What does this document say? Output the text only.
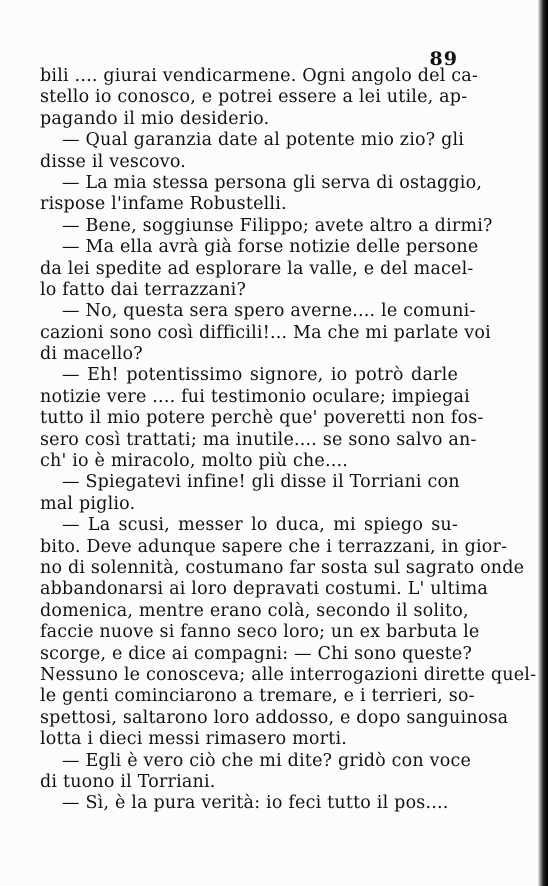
89
bili .... giurai vendicarmene. Ogni angolo del ca-
stello io conosco, e potrei essere a lei utile, ap-
pagando il mio desiderio.
— Qual garanzia date al potente mio zio? gli
disse il vescovo.
— La mia stessa persona gli serva di ostaggio,
rispose l'infame Robustelli.
— Bene, soggiunse Filippo; avete altro a dirmi?
— Ma ella avrà già forse notizie delle persone
da lei spedite ad esplorare la valle, e del macel-
lo fatto dai terrazzani?
— No, questa sera spero averne.... le comuni-
cazioni sono così difficili!... Ma che mi parlate voi
di macello?
— Eh! potentissimo signore, io potrò darle
notizie vere .... fui testimonio oculare; impiegai
tutto il mio potere perchè que' poveretti non fos-
sero così trattati; ma inutile.... se sono salvo an-
ch' io è miracolo, molto più che....
— Spiegatevi infine! gli disse il Torriani con
mal piglio.
— La scusi, messer lo duca, mi spiego su-
bito. Deve adunque sapere che i terrazzani, in gior-
no di solennità, costumano far sosta sul sagrato onde
abbandonarsi ai loro depravati costumi. L' ultima
domenica, mentre erano colà, secondo il solito,
faccie nuove si fanno seco loro; un ex barbuta le
scorge, e dice ai compagni: — Chi sono queste?
Nessuno le conosceva; alle interrogazioni dirette quel-
le genti cominciarono a tremare, e i terrieri, so-
spettosi, saltarono loro addosso, e dopo sanguinosa
lotta i dieci messi rimasero morti.
— Egli è vero ciò che mi dite? gridò con voce
di tuono il Torriani.
— Sì, è la pura verità: io feci tutto il pos....
